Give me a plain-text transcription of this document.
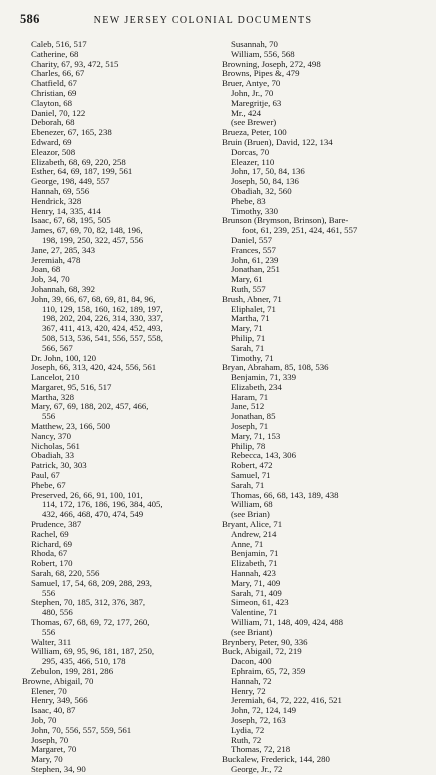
586	NEW JERSEY COLONIAL DOCUMENTS
Caleb, 516, 517
Catherine, 68
Charity, 67, 93, 472, 515
Charles, 66, 67
Chatfield, 67
Christian, 69
Clayton, 68
Daniel, 70, 122
Deborah, 68
Ebenezer, 67, 165, 238
Edward, 69
Eleazor, 508
Elizabeth, 68, 69, 220, 258
Esther, 64, 69, 187, 199, 561
George, 198, 449, 557
Hannah, 69, 556
Hendrick, 328
Henry, 14, 335, 414
Isaac, 67, 68, 195, 505
James, 67, 69, 70, 82, 148, 196,
198, 199, 250, 322, 457, 556
Jane, 27, 285, 343
Jeremiah, 478
Joan, 68
Job, 34, 70
Johannah, 68, 392
John, 39, 66, 67, 68, 69, 81, 84, 96,
110, 129, 158, 160, 162, 189, 197,
198, 202, 204, 226, 314, 330, 337,
367, 411, 413, 420, 424, 452, 493,
508, 513, 536, 541, 556, 557, 558,
566, 567
Dr. John, 100, 120
Joseph, 66, 313, 420, 424, 556, 561
Lancelot, 210
Margaret, 95, 516, 517
Martha, 328
Mary, 67, 69, 188, 202, 457, 466,
556
Matthew, 23, 166, 500
Nancy, 370
Nicholas, 561
Obadiah, 33
Patrick, 30, 303
Paul, 67
Phebe, 67
Preserved, 26, 66, 91, 100, 101,
114, 172, 176, 186, 196, 384, 405,
432, 466, 468, 470, 474, 549
Prudence, 387
Rachel, 69
Richard, 69
Rhoda, 67
Robert, 170
Sarah, 68, 220, 556
Samuel, 17, 54, 68, 209, 288, 293,
556
Stephen, 70, 185, 312, 376, 387,
480, 556
Thomas, 67, 68, 69, 72, 177, 260,
556
Walter, 311
William, 69, 95, 96, 181, 187, 250,
295, 435, 466, 510, 178
Zebulon, 199, 281, 286
Browne, Abigail, 70
Elener, 70
Henry, 349, 566
Isaac, 40, 87
Job, 70
John, 70, 556, 557, 559, 561
Joseph, 70
Margaret, 70
Mary, 70
Stephen, 34, 90
Susannah, 70
William, 556, 568
Browning, Joseph, 272, 498
Browns, Pipes &, 479
Bruer, Antye, 70
John, Jr., 70
Maregritje, 63
Mr., 424
(see Brewer)
Brueza, Peter, 100
Bruin (Bruen), David, 122, 134
Dorcas, 70
Eleazer, 110
John, 17, 50, 84, 136
Joseph, 50, 84, 136
Obadiah, 32, 560
Phebe, 83
Timothy, 330
Brunson (Brymson, Brinson), Bare-
foot, 61, 239, 251, 424, 461, 557
Daniel, 557
Frances, 557
John, 61, 239
Jonathan, 251
Mary, 61
Ruth, 557
Brush, Abner, 71
Eliphalet, 71
Martha, 71
Mary, 71
Philip, 71
Sarah, 71
Timothy, 71
Bryan, Abraham, 85, 108, 536
Benjamin, 71, 339
Elizabeth, 234
Haram, 71
Jane, 512
Jonathan, 85
Joseph, 71
Mary, 71, 153
Philip, 78
Rebecca, 143, 306
Robert, 472
Samuel, 71
Sarah, 71
Thomas, 66, 68, 143, 189, 438
William, 68
(see Brian)
Bryant, Alice, 71
Andrew, 214
Anne, 71
Benjamin, 71
Elizabeth, 71
Hannah, 423
Mary, 71, 409
Sarah, 71, 409
Simeon, 61, 423
Valentine, 71
William, 71, 148, 409, 424, 488
(see Briant)
Brynbery, Peter, 90, 336
Buck, Abigail, 72, 219
Dacon, 400
Ephraim, 65, 72, 359
Hannah, 72
Henry, 72
Jeremiah, 64, 72, 222, 416, 521
John, 72, 124, 149
Joseph, 72, 163
Lydia, 72
Ruth, 72
Thomas, 72, 218
Buckalew, Frederick, 144, 280
George, Jr., 72
